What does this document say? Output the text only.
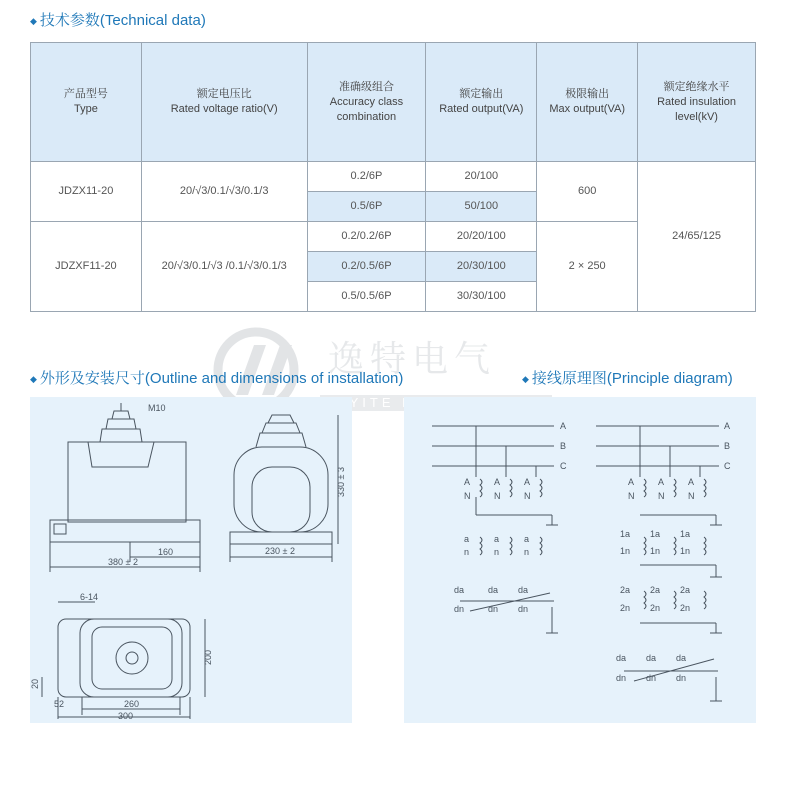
◆ 技术参数(Technical data)
产品型号
Type	额定电压比
Rated voltage ratio(V)	准确级组合
Accuracy class
combination	额定输出
Rated output(VA)	极限输出
Max output(VA)	额定绝缘水平
Rated insulation
level(kV)
JDZX11-20	20/√3/0.1/√3/0.1/3	0.2/6P	20/100	600	24/65/125
		0.5/6P	50/100		
JDZXF11-20	20/√3/0.1/√3 /0.1/√3/0.1/3	0.2/0.2/6P	20/20/100	2 × 250	
		0.2/0.5/6P	20/30/100		
		0.5/0.5/6P	30/30/100		
逸特电气
YITE
◆ 外形及安装尺寸(Outline and dimensions of installation)
M10
160
380 ± 2
230 ± 2
330 ± 3
6-14
200
20
52	260
300
◆ 接线原理图(Principle diagram)
A
B
C
A
B
C
A
N
A
N
A
N
a
n
a
n
a
n
da
dn
da
dn
da
dn
A
N
A
N
A
N
1a
1n
1a
1n
1a
1n
2a
2n
2a
2n
2a
2n
da
dn
da
dn
da
dn
